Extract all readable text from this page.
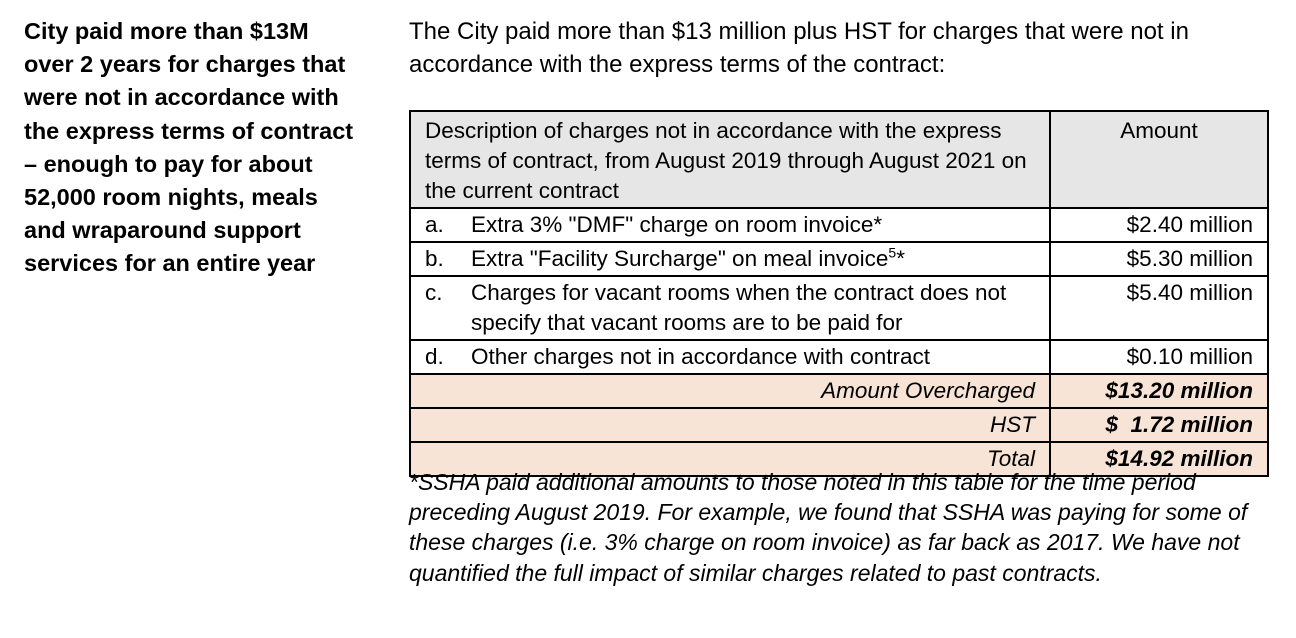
City paid more than $13M over 2 years for charges that were not in accordance with the express terms of contract – enough to pay for about 52,000 room nights, meals and wraparound support services for an entire year
The City paid more than $13 million plus HST for charges that were not in accordance with the express terms of the contract:
Description of charges not in accordance with the express terms of contract, from August 2019 through August 2021 on the current contract	Amount

a. Extra 3% "DMF" charge on room invoice*	$2.40 million

b. Extra "Facility Surcharge" on meal invoice$^5$*	$5.30 million

c. Charges for vacant rooms when the contract does not specify that vacant rooms are to be paid for	$5.40 million

d. Other charges not in accordance with contract	$0.10 million
Amount Overcharged	$13.20 million
HST	$  1.72 million
Total	$14.92 million
*SSHA paid additional amounts to those noted in this table for the time period preceding August 2019. For example, we found that SSHA was paying for some of these charges (i.e. 3% charge on room invoice) as far back as 2017. We have not quantified the full impact of similar charges related to past contracts.
